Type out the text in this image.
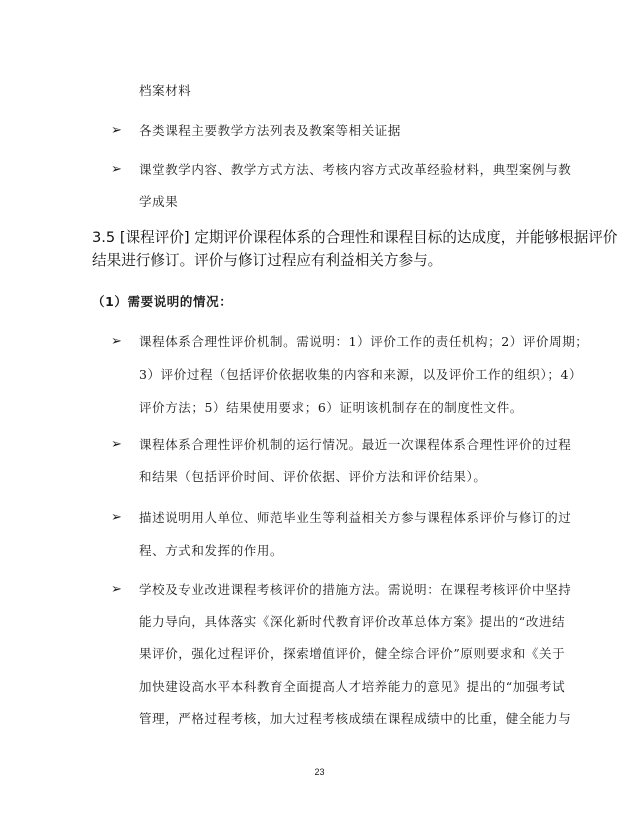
档案材料
➢ 各类课程主要教学方法列表及教案等相关证据
➢ 课堂教学内容、教学方式方法、考核内容方式改革经验材料，典型案例与教
学成果
3.5 [课程评价] 定期评价课程体系的合理性和课程目标的达成度，并能够根据评价
结果进行修订。评价与修订过程应有利益相关方参与。
（1）需要说明的情况：
➢ 课程体系合理性评价机制。需说明：1）评价工作的责任机构；2）评价周期；
3）评价过程（包括评价依据收集的内容和来源，以及评价工作的组织）；4）
评价方法；5）结果使用要求；6）证明该机制存在的制度性文件。
➢ 课程体系合理性评价机制的运行情况。最近一次课程体系合理性评价的过程
和结果（包括评价时间、评价依据、评价方法和评价结果）。
➢ 描述说明用人单位、师范毕业生等利益相关方参与课程体系评价与修订的过
程、方式和发挥的作用。
➢ 学校及专业改进课程考核评价的措施方法。需说明：在课程考核评价中坚持
能力导向，具体落实《深化新时代教育评价改革总体方案》提出的“改进结
果评价，强化过程评价，探索增值评价，健全综合评价”原则要求和《关于
加快建设高水平本科教育全面提高人才培养能力的意见》提出的“加强考试
管理，严格过程考核，加大过程考核成绩在课程成绩中的比重，健全能力与
23
